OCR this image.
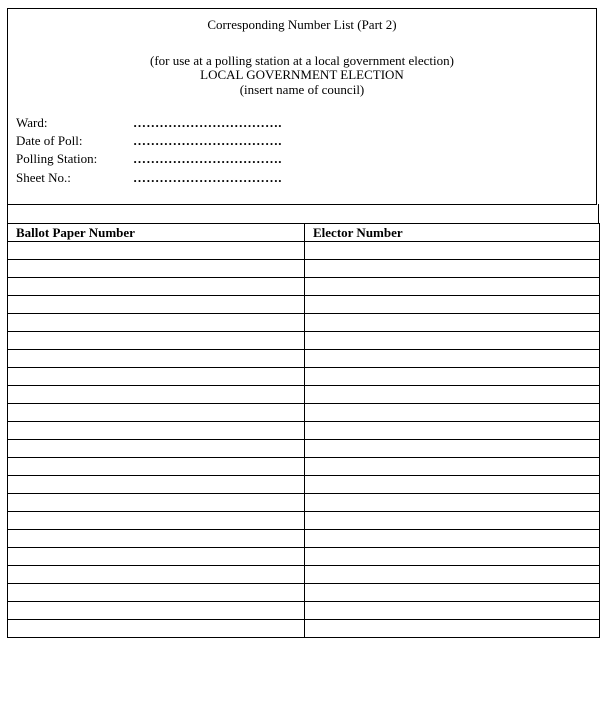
Corresponding Number List (Part 2)
(for use at a polling station at a local government election)
LOCAL GOVERNMENT ELECTION
(insert name of council)
Ward:	…………………………….
Date of Poll:	…………………………….
Polling Station:	…………………………….
Sheet No.:	…………………………….
Ballot Paper Number	Elector Number
